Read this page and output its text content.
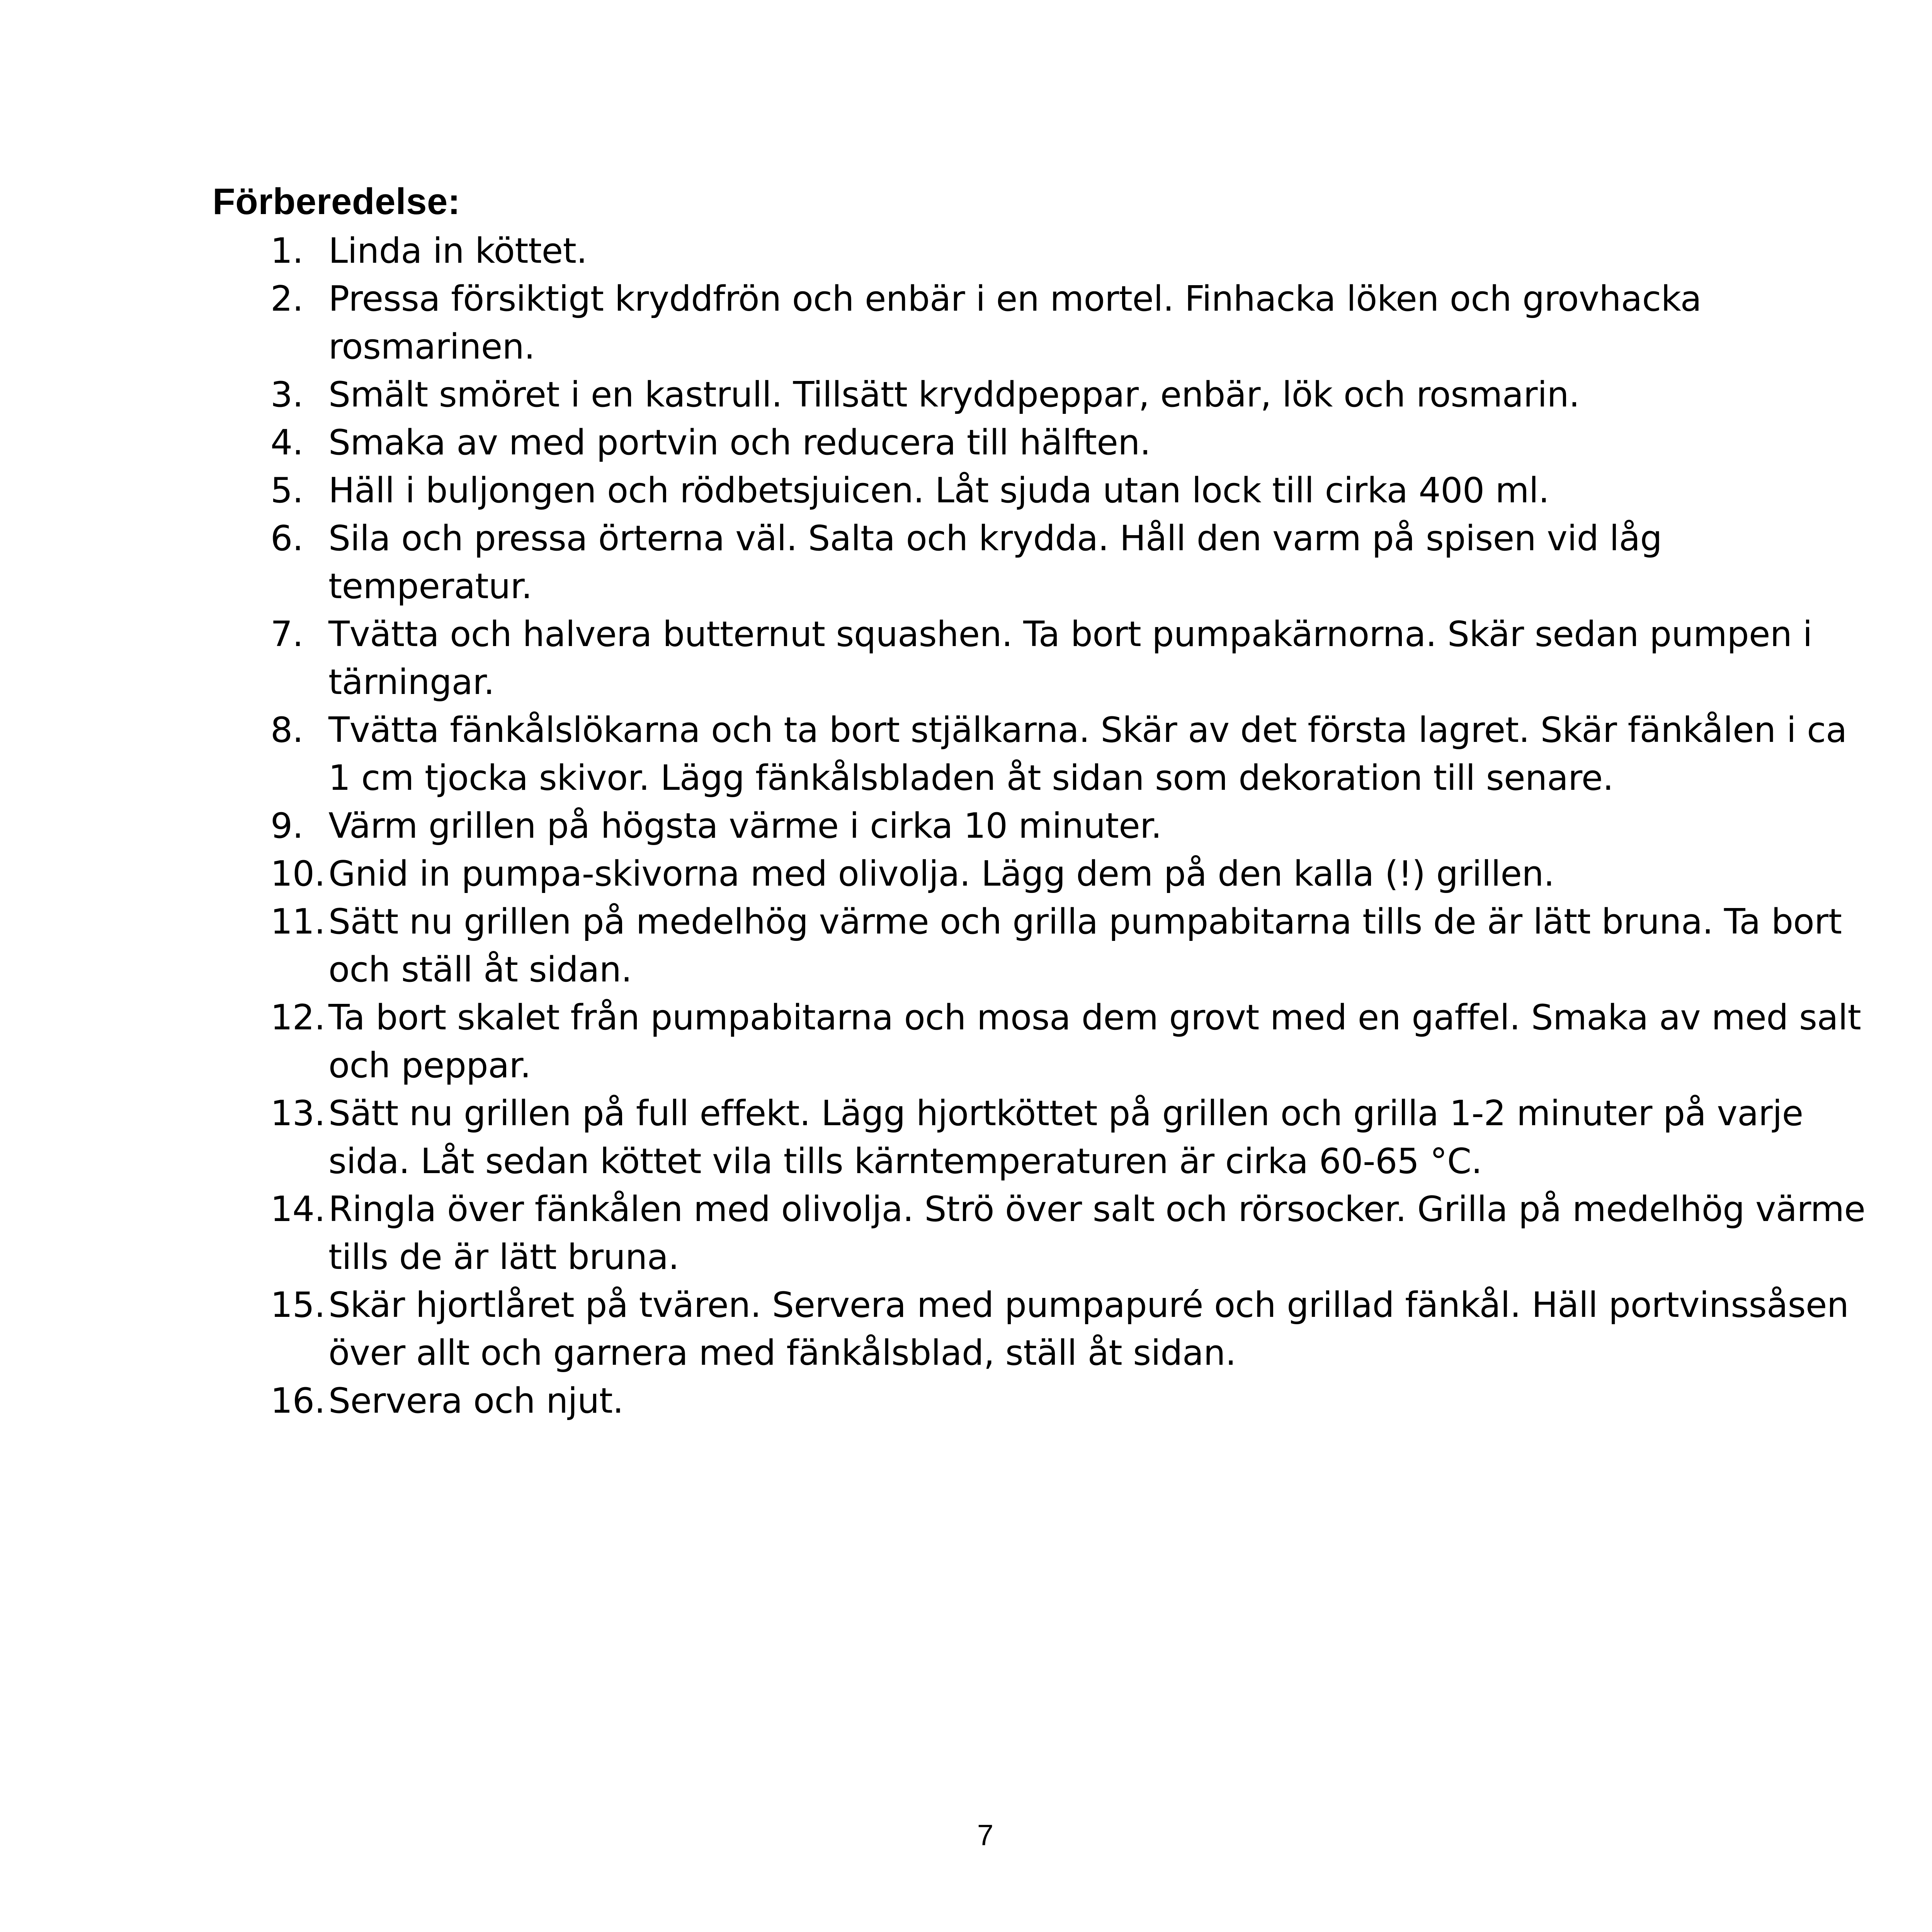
Förberedelse:
1. Linda in köttet.
2. Pressa försiktigt kryddfrön och enbär i en mortel. Finhacka löken och grovhacka rosmarinen.
3. Smält smöret i en kastrull. Tillsätt kryddpeppar, enbär, lök och rosmarin.
4. Smaka av med portvin och reducera till hälften.
5. Häll i buljongen och rödbetsjuicen. Låt sjuda utan lock till cirka 400 ml.
6. Sila och pressa örterna väl. Salta och krydda. Håll den varm på spisen vid låg temperatur.
7. Tvätta och halvera butternut squashen. Ta bort pumpakärnorna. Skär sedan pumpen i tärningar.
8. Tvätta fänkålslökarna och ta bort stjälkarna. Skär av det första lagret. Skär fänkålen i ca 1 cm tjocka skivor. Lägg fänkålsbladen åt sidan som dekoration till senare.
9. Värm grillen på högsta värme i cirka 10 minuter.
10. Gnid in pumpa-skivorna med olivolja. Lägg dem på den kalla (!) grillen.
11. Sätt nu grillen på medelhög värme och grilla pumpabitarna tills de är lätt bruna. Ta bort och ställ åt sidan.
12. Ta bort skalet från pumpabitarna och mosa dem grovt med en gaffel. Smaka av med salt och peppar.
13. Sätt nu grillen på full effekt. Lägg hjortköttet på grillen och grilla 1-2 minuter på varje sida. Låt sedan köttet vila tills kärntemperaturen är cirka 60-65 °C.
14. Ringla över fänkålen med olivolja. Strö över salt och rörsocker. Grilla på medelhög värme tills de är lätt bruna.
15. Skär hjortlåret på tvären. Servera med pumpapuré och grillad fänkål. Häll portvinssåsen över allt och garnera med fänkålsblad, ställ åt sidan.
16. Servera och njut.
7
